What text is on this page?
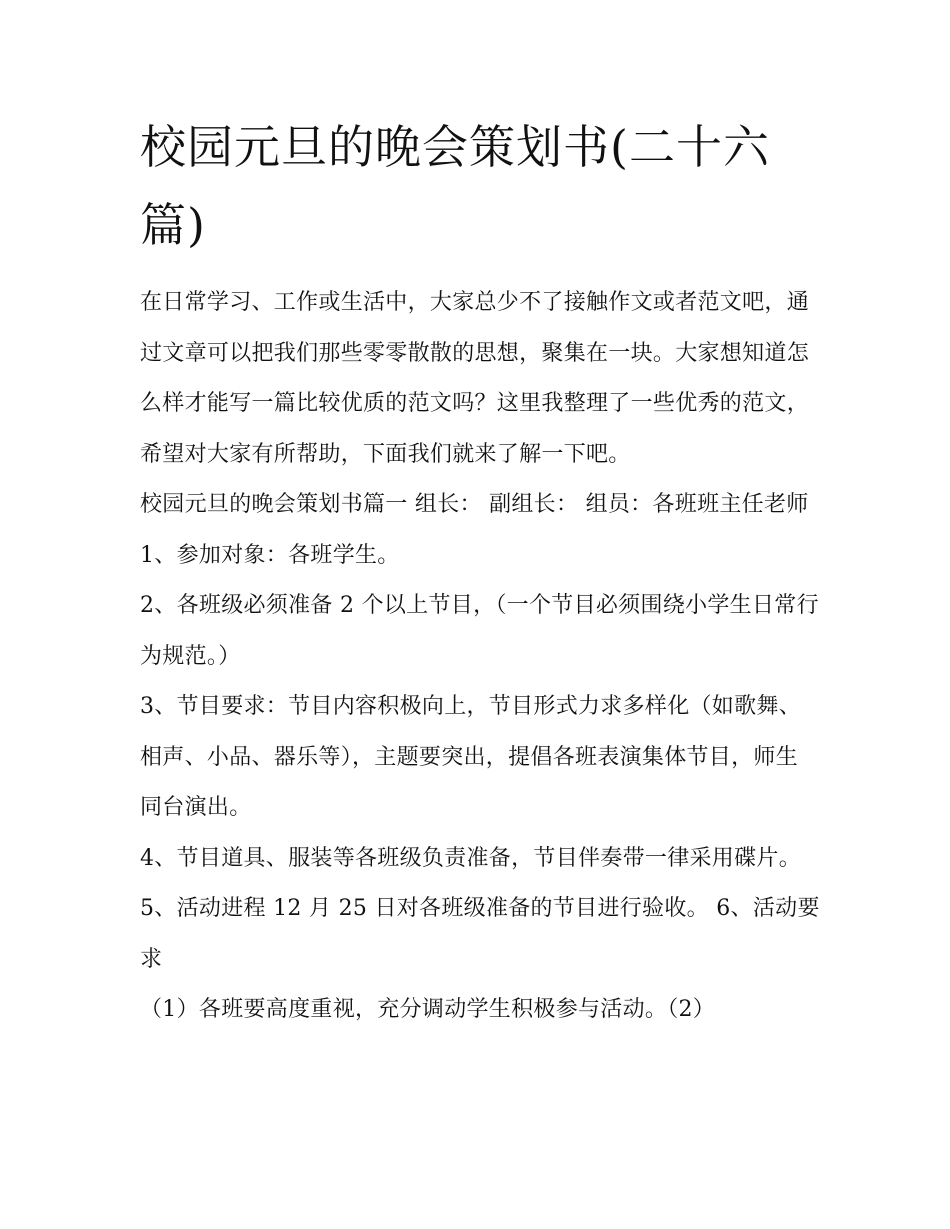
校园元旦的晚会策划书(二十六篇)

在日常学习、工作或生活中，大家总少不了接触作文或者范文吧，通过文章可以把我们那些零零散散的思想，聚集在一块。大家想知道怎么样才能写一篇比较优质的范文吗？这里我整理了一些优秀的范文，希望对大家有所帮助，下面我们就来了解一下吧。

校园元旦的晚会策划书篇一 组长： 副组长： 组员：各班班主任老师 1、参加对象：各班学生。

2、各班级必须准备 2 个以上节目，（一个节目必须围绕小学生日常行为规范。）

3、节目要求：节目内容积极向上，节目形式力求多样化（如歌舞、相声、小品、器乐等），主题要突出，提倡各班表演集体节目，师生同台演出。

4、节目道具、服装等各班级负责准备，节目伴奏带一律采用碟片。 5、活动进程 12 月 25 日对各班级准备的节目进行验收。 6、活动要求

（1）各班要高度重视，充分调动学生积极参与活动。（2）
